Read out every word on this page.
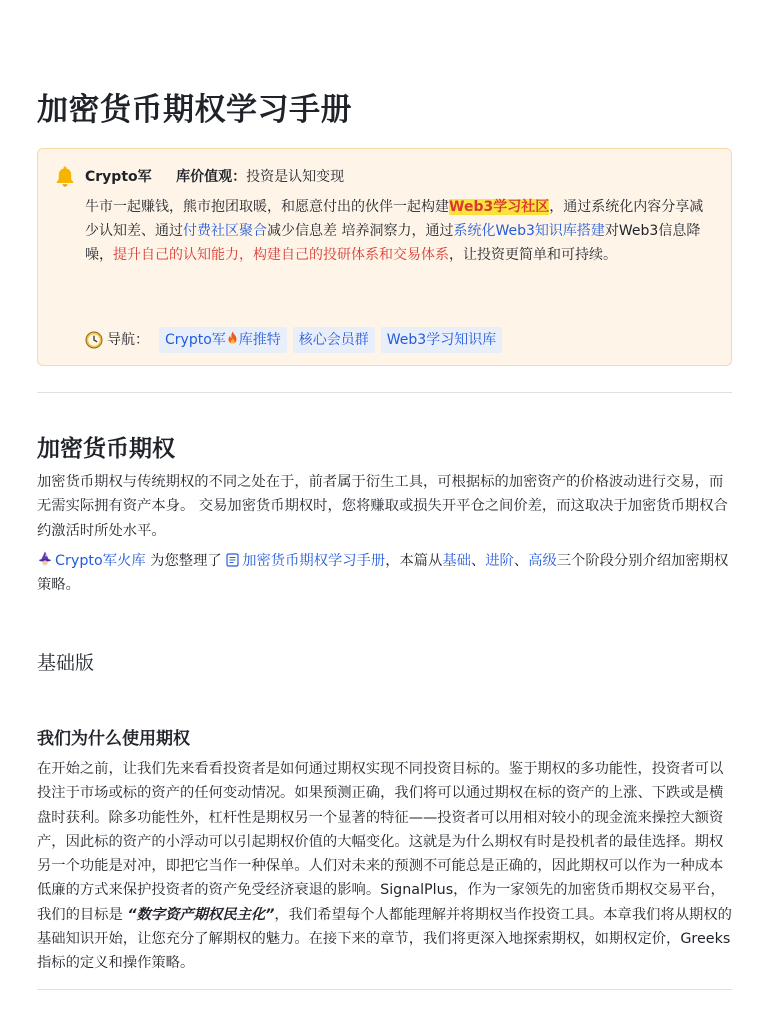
加密货币期权学习手册
Crypto军 库价值观：投资是认知变现

牛市一起赚钱，熊市抱团取暖，和愿意付出的伙伴一起构建Web3学习社区，通过系统化内容分享减少认知差、通过付费社区聚合减少信息差 培养洞察力，通过系统化Web3知识库搭建对Web3信息降噪，提升自己的认知能力，构建自己的投研体系和交易体系，让投资更简单和可持续。

导航：	Crypto军 库推特	核心会员群	Web3学习知识库
加密货币期权

加密货币期权与传统期权的不同之处在于，前者属于衍生工具，可根据标的加密资产的价格波动进行交易，而无需实际拥有资产本身。 交易加密货币期权时，您将赚取或损失开平仓之间价差，而这取决于加密货币期权合约激活时所处水平。

Crypto军火库 为您整理了 加密货币期权学习手册，本篇从基础、进阶、高级三个阶段分别介绍加密期权策略。

基础版
我们为什么使用期权

在开始之前，让我们先来看看投资者是如何通过期权实现不同投资目标的。鉴于期权的多功能性，投资者可以投注于市场或标的资产的任何变动情况。如果预测正确，我们将可以通过期权在标的资产的上涨、下跌或是横盘时获利。除多功能性外，杠杆性是期权另一个显著的特征——投资者可以用相对较小的现金流来操控大额资产，因此标的资产的小浮动可以引起期权价值的大幅变化。这就是为什么期权有时是投机者的最佳选择。期权另一个功能是对冲，即把它当作一种保单。人们对未来的预测不可能总是正确的，因此期权可以作为一种成本低廉的方式来保护投资者的资产免受经济衰退的影响。SignalPlus，作为一家领先的加密货币期权交易平台，我们的目标是 “数字资产期权民主化”，我们希望每个人都能理解并将期权当作投资工具。本章我们将从期权的基础知识开始，让您充分了解期权的魅力。在接下来的章节，我们将更深入地探索期权，如期权定价，Greeks指标的定义和操作策略。
